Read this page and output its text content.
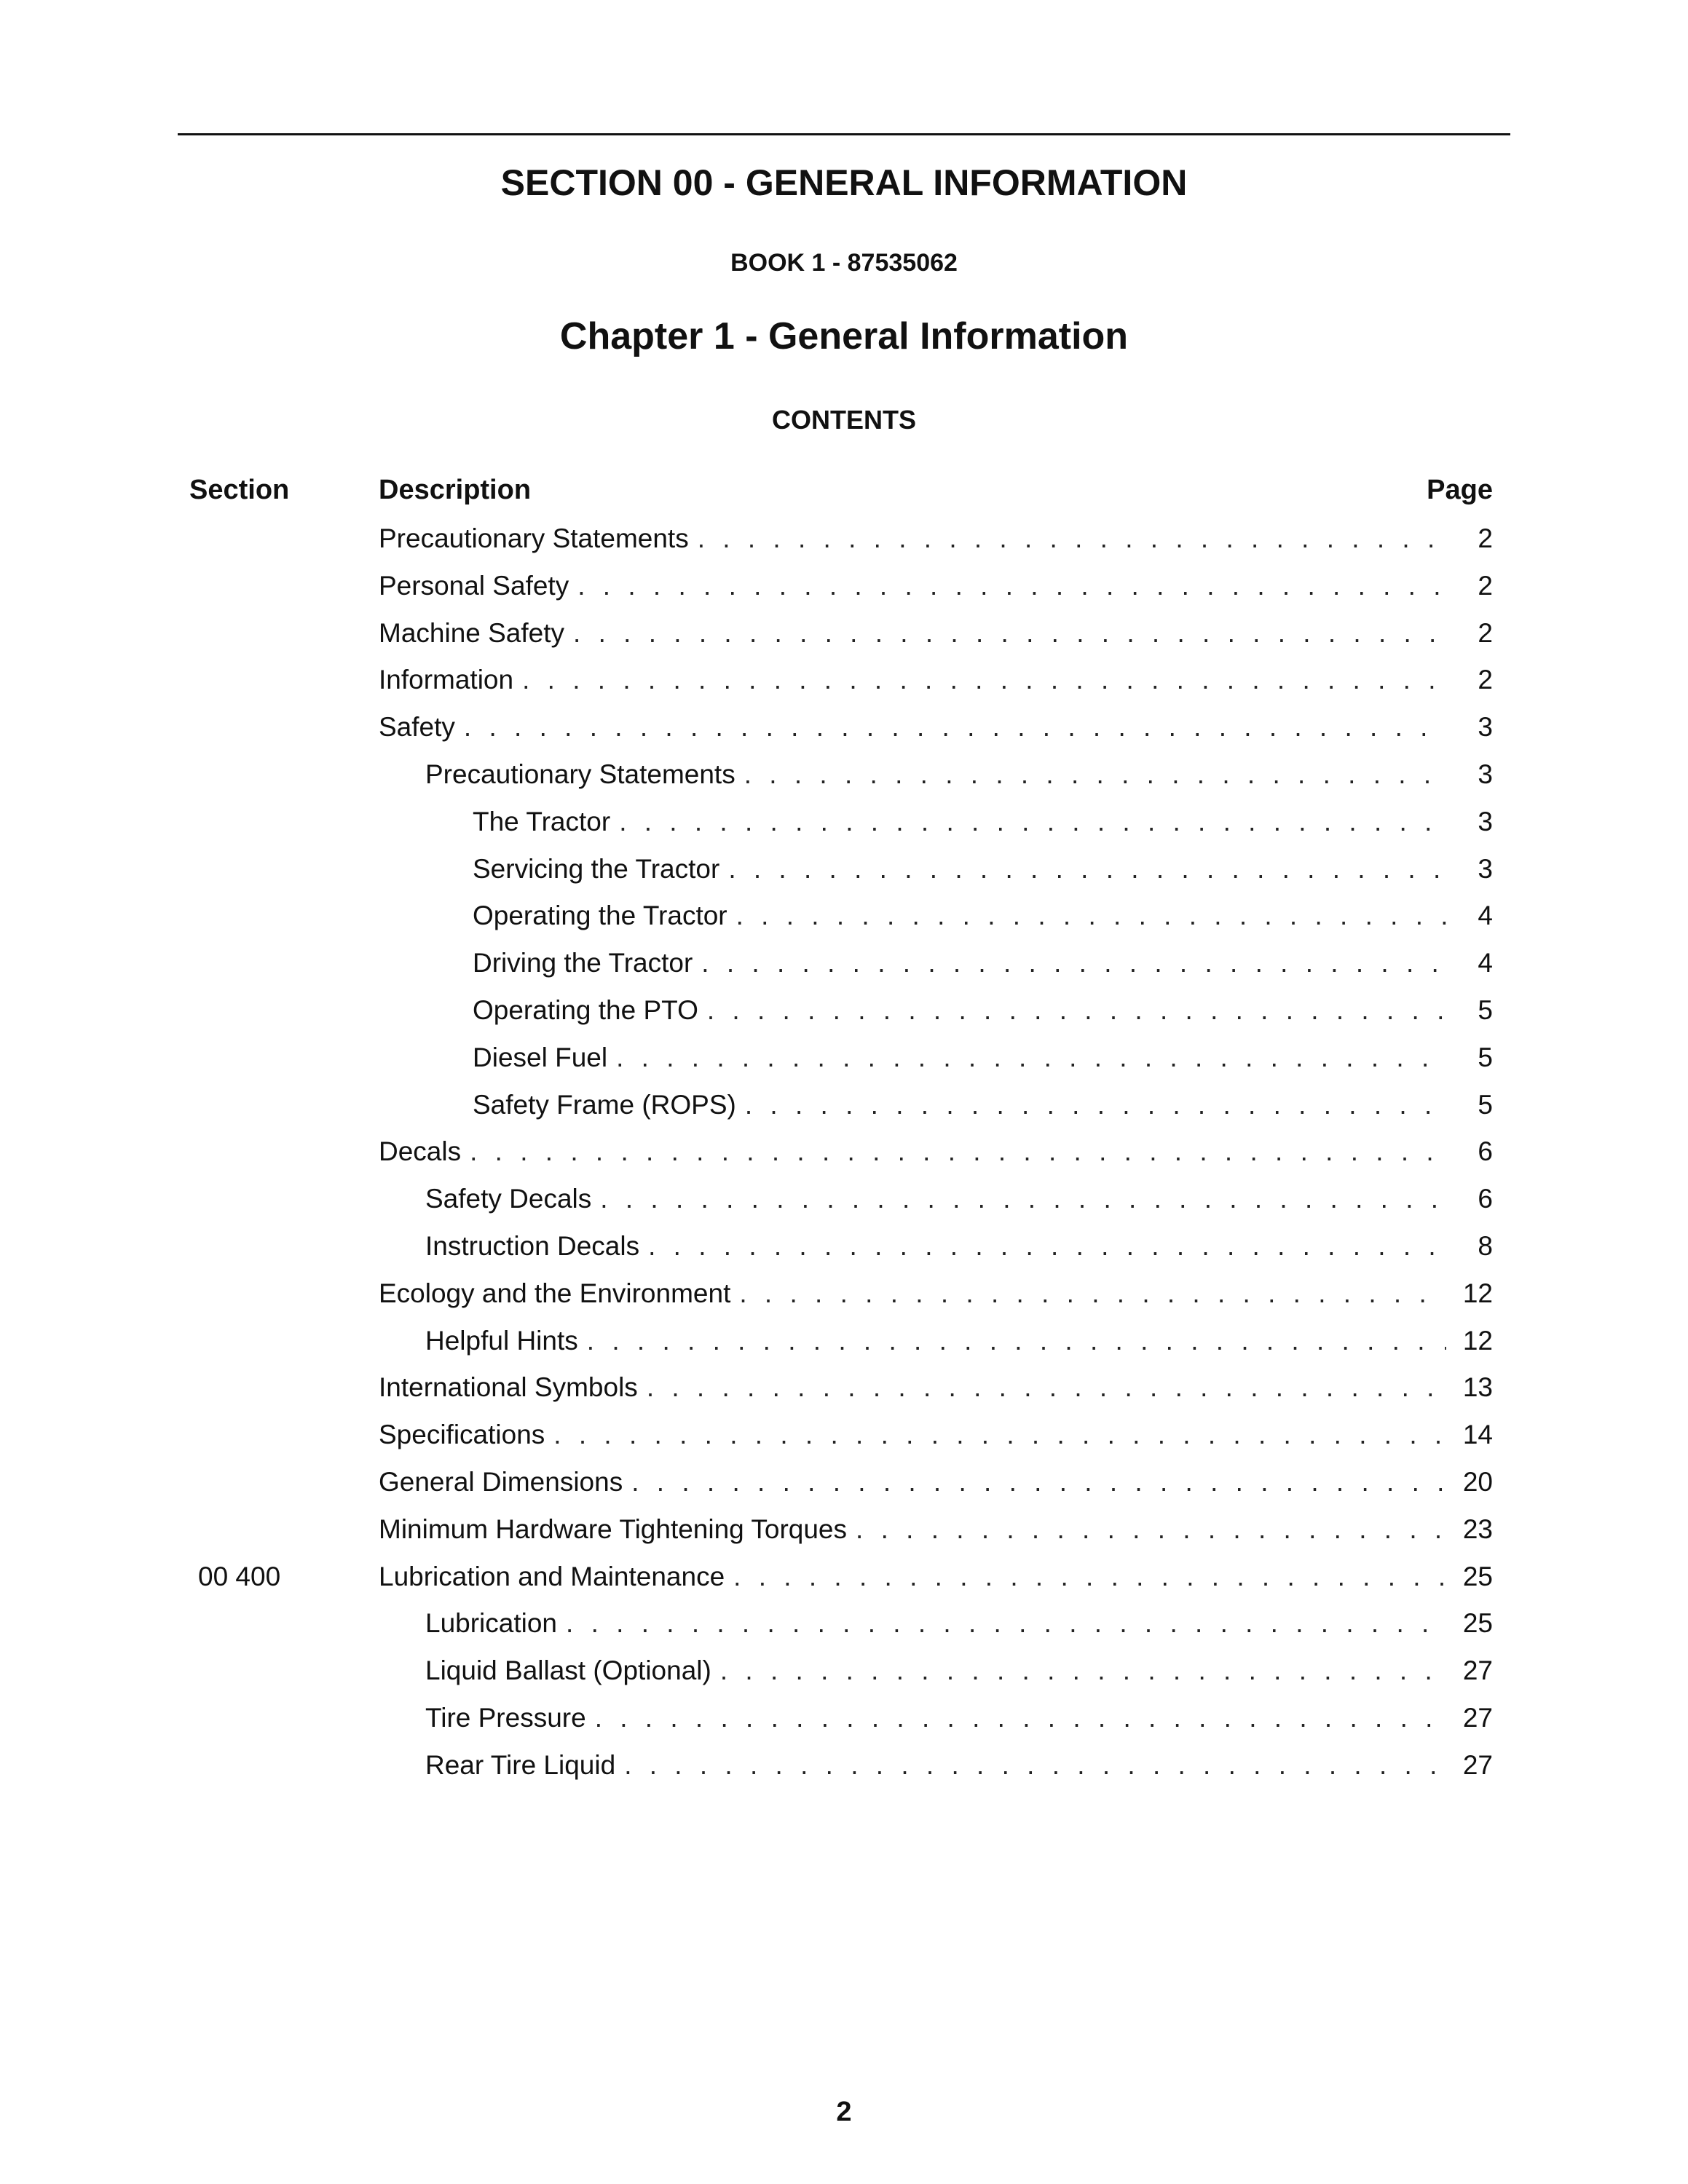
SECTION 00 - GENERAL INFORMATION
BOOK 1 - 87535062
Chapter 1 - General Information
CONTENTS
Section	Description	Page
Precautionary Statements . . .	2
Personal Safety . . .	2
Machine Safety . . .	2
Information . . .	2
Safety . . .	3
Precautionary Statements . . .	3
The Tractor . . .	3
Servicing the Tractor . . .	3
Operating the Tractor . . .	4
Driving the Tractor . . .	4
Operating the PTO . . .	5
Diesel Fuel . . .	5
Safety Frame (ROPS) . . .	5
Decals . . .	6
Safety Decals . . .	6
Instruction Decals . . .	8
Ecology and the Environment . . .	12
Helpful Hints . . .	12
International Symbols . . .	13
Specifications . . .	14
General Dimensions . . .	20
Minimum Hardware Tightening Torques . . .	23
00 400	Lubrication and Maintenance . . .	25
Lubrication . . .	25
Liquid Ballast (Optional) . . .	27
Tire Pressure . . .	27
Rear Tire Liquid . . .	27
2
